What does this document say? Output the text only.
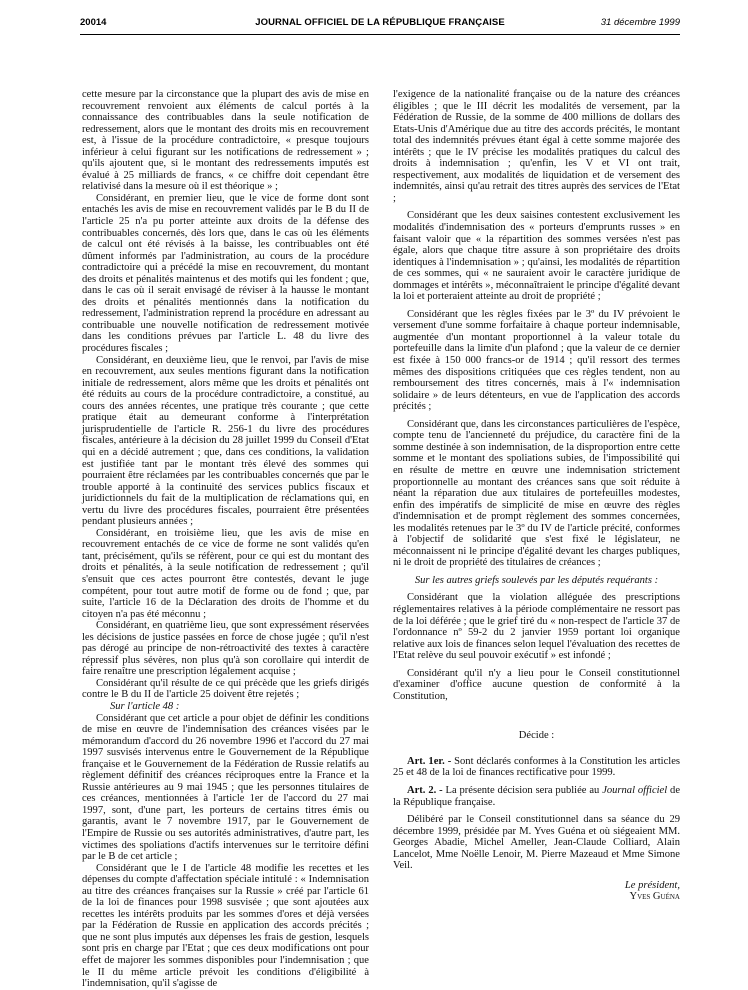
20014	JOURNAL OFFICIEL DE LA RÉPUBLIQUE FRANÇAISE	31 décembre 1999

cette mesure par la circonstance que la plupart des avis de mise en recouvrement renvoient aux éléments de calcul portés à la connaissance des contribuables dans la seule notification de redressement, alors que le montant des droits mis en recouvrement est, à l'issue de la procédure contradictoire, « presque toujours inférieur à celui figurant sur les notifications de redressement » ; qu'ils ajoutent que, si le montant des redressements imputés est évalué à 25 milliards de francs, « ce chiffre doit cependant être relativisé dans la mesure où il est théorique » ;

Considérant, en premier lieu, que le vice de forme dont sont entachés les avis de mise en recouvrement validés par le B du II de l'article 25 n'a pu porter atteinte aux droits de la défense des contribuables concernés, dès lors que, dans le cas où les éléments de calcul ont été révisés à la baisse, les contribuables ont été dûment informés par l'administration, au cours de la procédure contradictoire qui a précédé la mise en recouvrement, du montant des droits et pénalités maintenus et des motifs qui les fondent ; que, dans le cas où il serait envisagé de réviser à la hausse le montant des droits et pénalités mentionnés dans la notification du redressement, l'administration reprend la procédure en adressant au contribuable une nouvelle notification de redressement motivée dans les conditions prévues par l'article L. 48 du livre des procédures fiscales ;

Considérant, en deuxième lieu, que le renvoi, par l'avis de mise en recouvrement, aux seules mentions figurant dans la notification initiale de redressement, alors même que les droits et pénalités ont été réduits au cours de la procédure contradictoire, a constitué, au cours des années récentes, une pratique très courante ; que cette pratique était au demeurant conforme à l'interprétation jurisprudentielle de l'article R. 256-1 du livre des procédures fiscales, antérieure à la décision du 28 juillet 1999 du Conseil d'Etat qui en a décidé autrement ; que, dans ces conditions, la validation est justifiée tant par le montant très élevé des sommes qui pourraient être réclamées par les contribuables concernés que par le trouble apporté à la continuité des services publics fiscaux et juridictionnels du fait de la multiplication de réclamations qui, en vertu du livre des procédures fiscales, pourraient être présentées pendant plusieurs années ;

Considérant, en troisième lieu, que les avis de mise en recouvrement entachés de ce vice de forme ne sont validés qu'en tant, précisément, qu'ils se réfèrent, pour ce qui est du montant des droits et pénalités, à la seule notification de redressement ; qu'il s'ensuit que ces actes pourront être contestés, devant le juge compétent, pour tout autre motif de forme ou de fond ; que, par suite, l'article 16 de la Déclaration des droits de l'homme et du citoyen n'a pas été méconnu ;

Considérant, en quatrième lieu, que sont expressément réservées les décisions de justice passées en force de chose jugée ; qu'il n'est pas dérogé au principe de non-rétroactivité des textes à caractère répressif plus sévères, non plus qu'à son corollaire qui interdit de faire renaître une prescription légalement acquise ;

Considérant qu'il résulte de ce qui précède que les griefs dirigés contre le B du II de l'article 25 doivent être rejetés ;

Sur l'article 48 :

Considérant que cet article a pour objet de définir les conditions de mise en œuvre de l'indemnisation des créances visées par le mémorandum d'accord du 26 novembre 1996 et l'accord du 27 mai 1997 susvisés intervenus entre le Gouvernement de la République française et le Gouvernement de la Fédération de Russie relatifs au règlement définitif des créances réciproques entre la France et la Russie antérieures au 9 mai 1945 ; que les personnes titulaires de ces créances, mentionnées à l'article 1er de l'accord du 27 mai 1997, sont, d'une part, les porteurs de certains titres émis ou garantis, avant le 7 novembre 1917, par le Gouvernement de l'Empire de Russie ou ses autorités administratives, d'autre part, les victimes des spoliations d'actifs intervenues sur le territoire défini par le B de cet article ;

Considérant que le I de l'article 48 modifie les recettes et les dépenses du compte d'affectation spéciale intitulé : « Indemnisation au titre des créances françaises sur la Russie » créé par l'article 61 de la loi de finances pour 1998 susvisée ; que sont ajoutées aux recettes les intérêts produits par les sommes d'ores et déjà versées par la Fédération de Russie en application des accords précités ; que ne sont plus imputés aux dépenses les frais de gestion, lesquels sont pris en charge par l'Etat ; que ces deux modifications ont pour effet de majorer les sommes disponibles pour l'indemnisation ; que le II du même article prévoit les conditions d'éligibilité à l'indemnisation, qu'il s'agisse de

l'exigence de la nationalité française ou de la nature des créances éligibles ; que le III décrit les modalités de versement, par la Fédération de Russie, de la somme de 400 millions de dollars des Etats-Unis d'Amérique due au titre des accords précités, le montant total des indemnités prévues étant égal à cette somme majorée des intérêts ; que le IV précise les modalités pratiques du calcul des droits à indemnisation ; qu'enfin, les V et VI ont trait, respectivement, aux modalités de liquidation et de versement des indemnités, ainsi qu'au retrait des titres auprès des services de l'Etat ;

Considérant que les deux saisines contestent exclusivement les modalités d'indemnisation des « porteurs d'emprunts russes » en faisant valoir que « la répartition des sommes versées n'est pas égale, alors que chaque titre assure à son propriétaire des droits identiques à l'indemnisation » ; qu'ainsi, les modalités de répartition de ces sommes, qui « ne sauraient avoir le caractère juridique de dommages et intérêts », méconnaîtraient le principe d'égalité devant la loi et porteraient atteinte au droit de propriété ;

Considérant que les règles fixées par le 3º du IV prévoient le versement d'une somme forfaitaire à chaque porteur indemnisable, augmentée d'un montant proportionnel à la valeur totale du portefeuille dans la limite d'un plafond ; que la valeur de ce dernier est fixée à 150 000 francs-or de 1914 ; qu'il ressort des termes mêmes des dispositions critiquées que ces règles tendent, non au remboursement des titres concernés, mais à l'« indemnisation solidaire » de leurs détenteurs, en vue de l'application des accords précités ;

Considérant que, dans les circonstances particulières de l'espèce, compte tenu de l'ancienneté du préjudice, du caractère fini de la somme destinée à son indemnisation, de la disproportion entre cette somme et le montant des spoliations subies, de l'impossibilité qui en résulte de mettre en œuvre une indemnisation strictement proportionnelle au montant des créances sans que soit réduite à néant la réparation due aux titulaires de portefeuilles modestes, enfin des impératifs de simplicité de mise en œuvre des règles d'indemnisation et de prompt règlement des sommes concernées, les modalités retenues par le 3º du IV de l'article précité, conformes à l'objectif de solidarité que s'est fixé le législateur, ne méconnaissent ni le principe d'égalité devant les charges publiques, ni le droit de propriété des titulaires de créances ;

Sur les autres griefs soulevés par les députés requérants :

Considérant que la violation alléguée des prescriptions réglementaires relatives à la période complémentaire ne ressort pas de la loi déférée ; que le grief tiré du « non-respect de l'article 37 de l'ordonnance nº 59-2 du 2 janvier 1959 portant loi organique relative aux lois de finances selon lequel l'évaluation des recettes de l'Etat relève du seul pouvoir exécutif » est infondé ;

Considérant qu'il n'y a lieu pour le Conseil constitutionnel d'examiner d'office aucune question de conformité à la Constitution,

Décide :

Art. 1er. - Sont déclarés conformes à la Constitution les articles 25 et 48 de la loi de finances rectificative pour 1999.

Art. 2. - La présente décision sera publiée au Journal officiel de la République française.

Délibéré par le Conseil constitutionnel dans sa séance du 29 décembre 1999, présidée par M. Yves Guéna et où siégeaient MM. Georges Abadie, Michel Ameller, Jean-Claude Colliard, Alain Lancelot, Mme Noëlle Lenoir, M. Pierre Mazeaud et Mme Simone Veil.

Le président,
Yves Guéna
